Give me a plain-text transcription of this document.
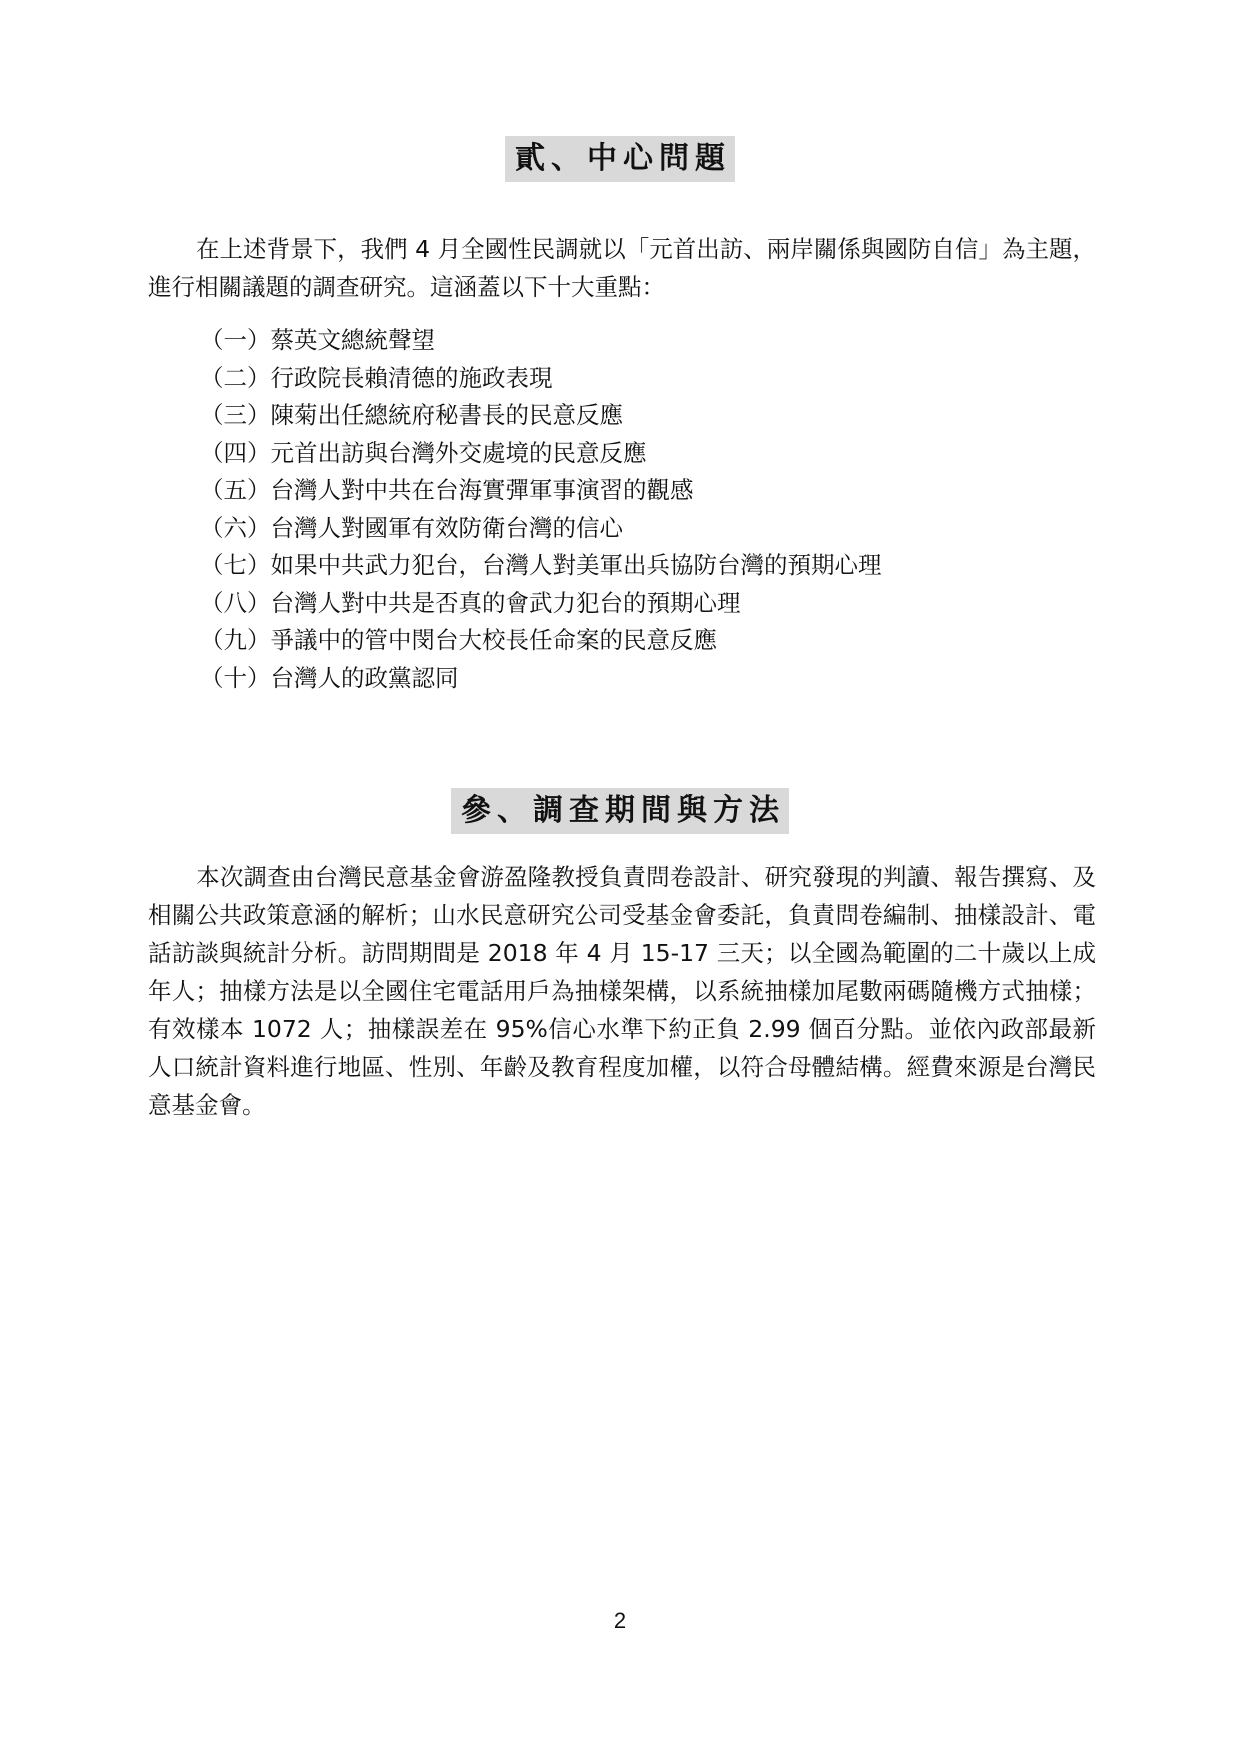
貳、中心問題

在上述背景下，我們 4 月全國性民調就以「元首出訪、兩岸關係與國防自信」為主題，進行相關議題的調查研究。這涵蓋以下十大重點：

（一）蔡英文總統聲望
（二）行政院長賴清德的施政表現
（三）陳菊出任總統府秘書長的民意反應
（四）元首出訪與台灣外交處境的民意反應
（五）台灣人對中共在台海實彈軍事演習的觀感
（六）台灣人對國軍有效防衛台灣的信心
（七）如果中共武力犯台，台灣人對美軍出兵協防台灣的預期心理
（八）台灣人對中共是否真的會武力犯台的預期心理
（九）爭議中的管中閔台大校長任命案的民意反應
（十）台灣人的政黨認同
參、調查期間與方法

本次調查由台灣民意基金會游盈隆教授負責問卷設計、研究發現的判讀、報告撰寫、及相關公共政策意涵的解析；山水民意研究公司受基金會委託，負責問卷編制、抽樣設計、電話訪談與統計分析。訪問期間是 2018 年 4 月 15-17 三天；以全國為範圍的二十歲以上成年人；抽樣方法是以全國住宅電話用戶為抽樣架構，以系統抽樣加尾數兩碼隨機方式抽樣；有效樣本 1072 人；抽樣誤差在 95%信心水準下約正負 2.99 個百分點。並依內政部最新人口統計資料進行地區、性別、年齡及教育程度加權，以符合母體結構。經費來源是台灣民意基金會。

2
